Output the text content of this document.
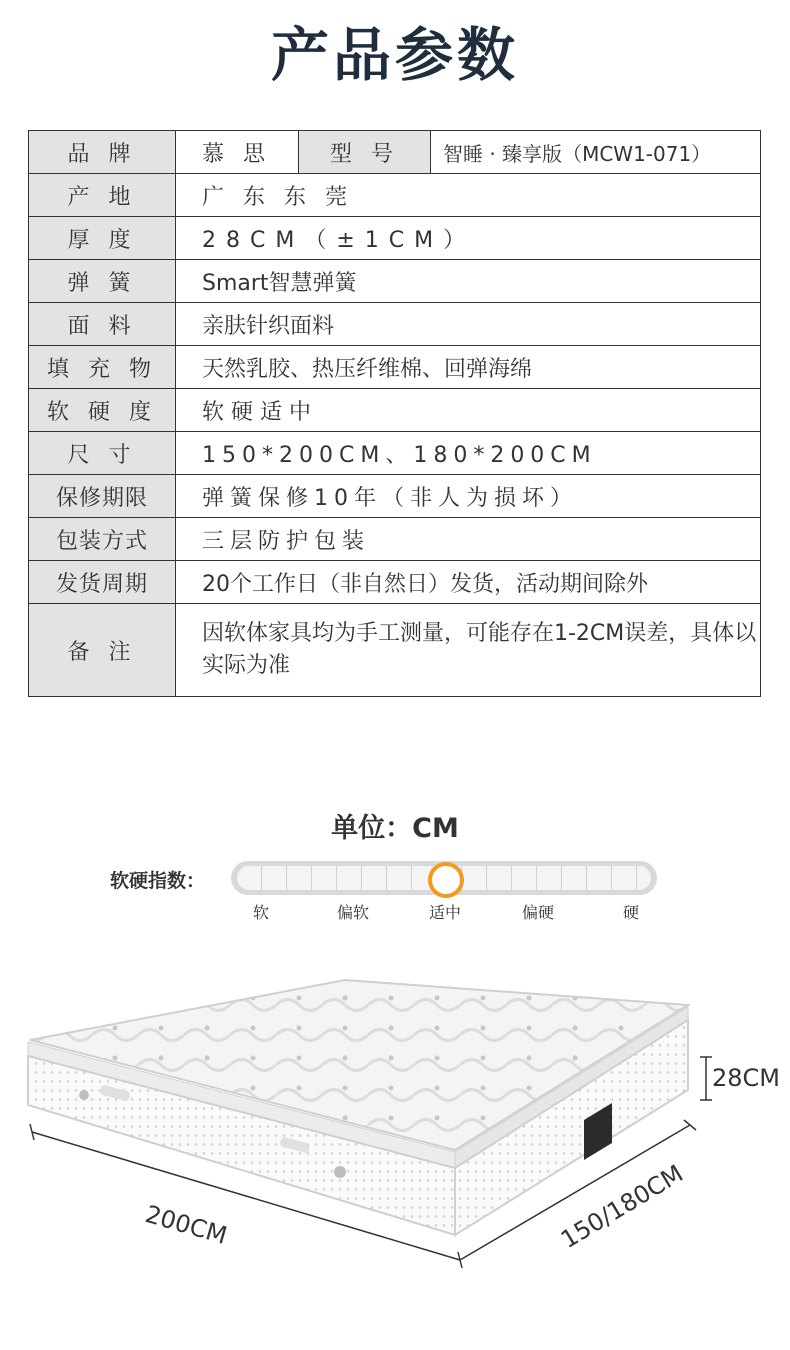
产品参数
品 牌	慕 思	型 号	智睡 · 臻享版（MCW1-071）
产 地	广 东 东 莞		
厚 度	28CM（±1CM）		
弹 簧	Smart智慧弹簧		
面 料	亲肤针织面料		
填 充 物	天然乳胶、热压纤维棉、回弹海绵		
软 硬 度	软 硬 适 中		
尺 寸	150*200CM、180*200CM		
保修期限	弹簧保修10年（非人为损坏）		
包装方式	三层防护包装		
发货周期	20个工作日（非自然日）发货，活动期间除外		
备 注	因软体家具均为手工测量，可能存在1-2CM误差，具体以实际为准		
单位：CM
软硬指数：
软	偏软	适中	偏硬	硬
28CM
200CM	150/180CM
